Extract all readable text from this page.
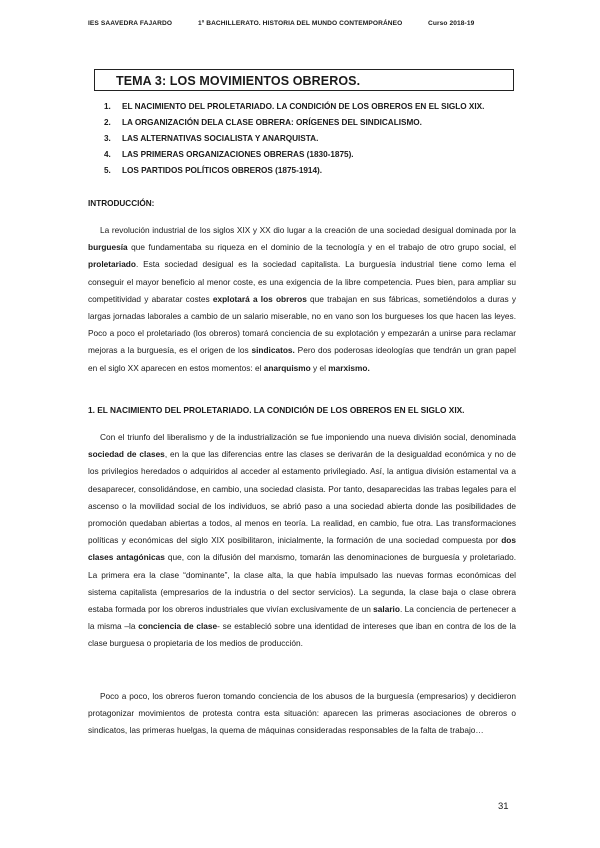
IES SAAVEDRA FAJARDO	1º BACHILLERATO. HISTORIA DEL MUNDO CONTEMPORÁNEO	Curso 2018-19
TEMA 3: LOS MOVIMIENTOS OBREROS.
1. EL NACIMIENTO DEL PROLETARIADO. LA CONDICIÓN DE LOS OBREROS EN EL SIGLO XIX.
2. LA ORGANIZACIÓN DELA CLASE OBRERA: ORÍGENES DEL SINDICALISMO.
3. LAS ALTERNATIVAS SOCIALISTA Y ANARQUISTA.
4. LAS PRIMERAS ORGANIZACIONES OBRERAS (1830-1875).
5. LOS PARTIDOS POLÍTICOS OBREROS (1875-1914).
INTRODUCCIÓN:

La revolución industrial de los siglos XIX y XX dio lugar a la creación de una sociedad desigual dominada por la burguesía que fundamentaba su riqueza en el dominio de la tecnología y en el trabajo de otro grupo social, el proletariado. Esta sociedad desigual es la sociedad capitalista. La burguesía industrial tiene como lema el conseguir el mayor beneficio al menor coste, es una exigencia de la libre competencia. Pues bien, para ampliar su competitividad y abaratar costes explotará a los obreros que trabajan en sus fábricas, sometiéndolos a duras y largas jornadas laborales a cambio de un salario miserable, no en vano son los burgueses los que hacen las leyes. Poco a poco el proletariado (los obreros) tomará conciencia de su explotación y empezarán a unirse para reclamar mejoras a la burguesía, es el origen de los sindicatos. Pero dos poderosas ideologías que tendrán un gran papel en el siglo XX aparecen en estos momentos: el anarquismo y el marxismo.

1. EL NACIMIENTO DEL PROLETARIADO. LA CONDICIÓN DE LOS OBREROS EN EL SIGLO XIX.

Con el triunfo del liberalismo y de la industrialización se fue imponiendo una nueva división social, denominada sociedad de clases, en la que las diferencias entre las clases se derivarán de la desigualdad económica y no de los privilegios heredados o adquiridos al acceder al estamento privilegiado. Así, la antigua división estamental va a desaparecer, consolidándose, en cambio, una sociedad clasista. Por tanto, desaparecidas las trabas legales para el ascenso o la movilidad social de los individuos, se abrió paso a una sociedad abierta donde las posibilidades de promoción quedaban abiertas a todos, al menos en teoría. La realidad, en cambio, fue otra. Las transformaciones políticas y económicas del siglo XIX posibilitaron, inicialmente, la formación de una sociedad compuesta por dos clases antagónicas que, con la difusión del marxismo, tomarán las denominaciones de burguesía y proletariado. La primera era la clase “dominante”, la clase alta, la que había impulsado las nuevas formas económicas del sistema capitalista (empresarios de la industria o del sector servicios). La segunda, la clase baja o clase obrera estaba formada por los obreros industriales que vivían exclusivamente de un salario. La conciencia de pertenecer a la misma –la conciencia de clase- se estableció sobre una identidad de intereses que iban en contra de los de la clase burguesa o propietaria de los medios de producción.

Poco a poco, los obreros fueron tomando conciencia de los abusos de la burguesía (empresarios) y decidieron protagonizar movimientos de protesta contra esta situación: aparecen las primeras asociaciones de obreros o sindicatos, las primeras huelgas, la quema de máquinas consideradas responsables de la falta de trabajo…

31
